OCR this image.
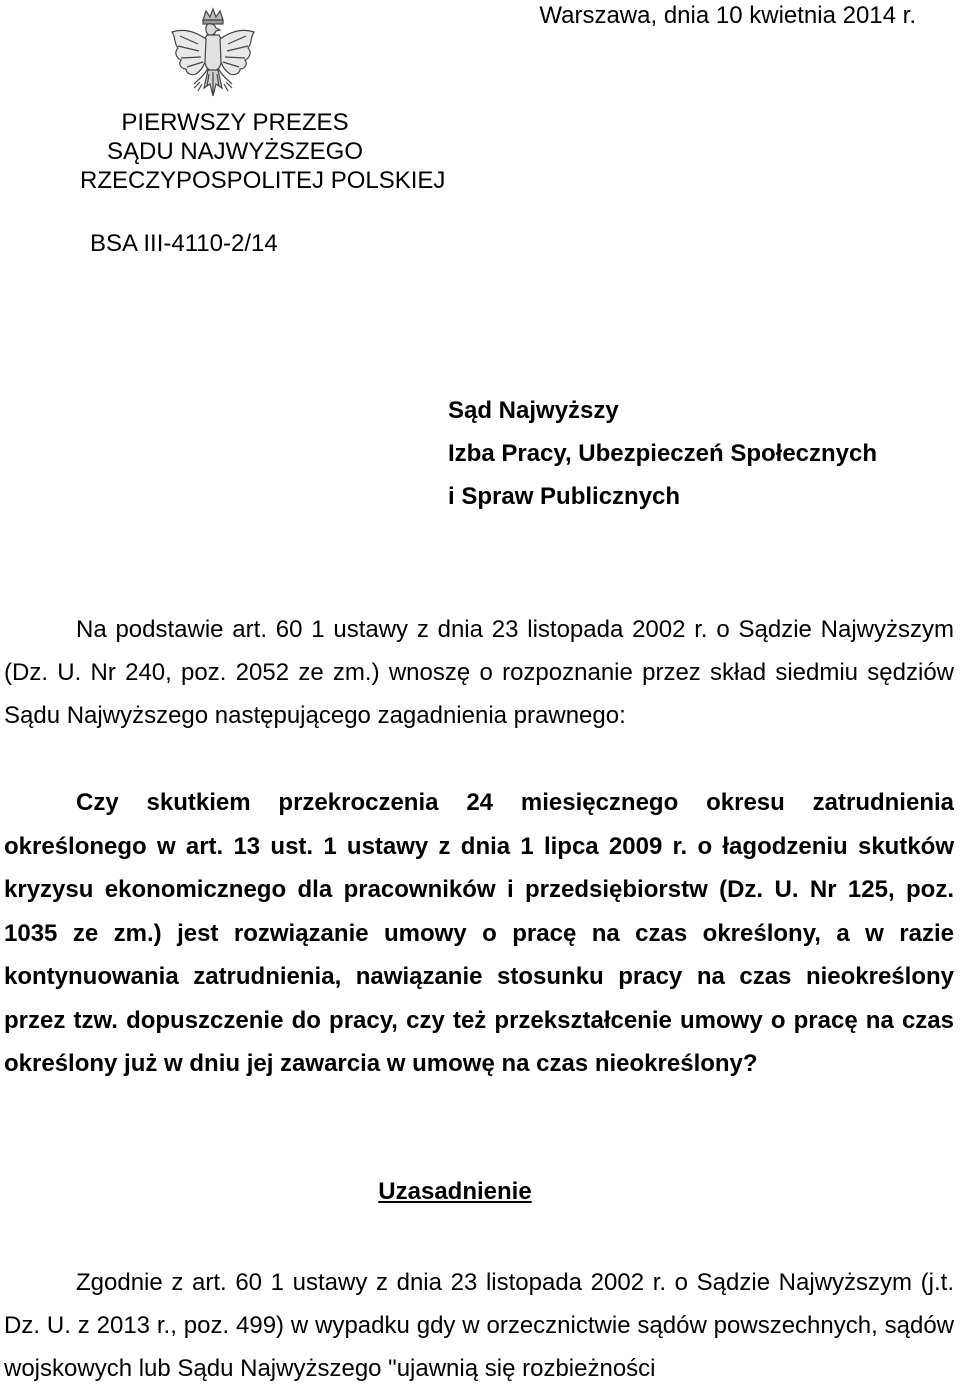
Warszawa, dnia 10 kwietnia 2014 r.
PIERWSZY PREZES
SĄDU NAJWYŻSZEGO
RZECZYPOSPOLITEJ POLSKIEJ
BSA III-4110-2/14
Sąd Najwyższy
Izba Pracy, Ubezpieczeń Społecznych
i Spraw Publicznych
Na podstawie art. 60 1 ustawy z dnia 23 listopada 2002 r. o Sądzie Najwyższym (Dz. U. Nr 240, poz. 2052 ze zm.) wnoszę o rozpoznanie przez skład siedmiu sędziów Sądu Najwyższego następującego zagadnienia prawnego:
Czy skutkiem przekroczenia 24 miesięcznego okresu zatrudnienia określonego w art. 13 ust. 1 ustawy z dnia 1 lipca 2009 r. o łagodzeniu skutków kryzysu ekonomicznego dla pracowników i przedsiębiorstw (Dz. U. Nr 125, poz. 1035 ze zm.) jest rozwiązanie umowy o pracę na czas określony, a w razie kontynuowania zatrudnienia, nawiązanie stosunku pracy na czas nieokreślony przez tzw. dopuszczenie do pracy, czy też przekształcenie umowy o pracę na czas określony już w dniu jej zawarcia w umowę na czas nieokreślony?
Uzasadnienie
Zgodnie z art. 60 1 ustawy z dnia 23 listopada 2002 r. o Sądzie Najwyższym (j.t. Dz. U. z 2013 r., poz. 499) w wypadku gdy w orzecznictwie sądów powszechnych, sądów wojskowych lub Sądu Najwyższego "ujawnią się rozbieżności
